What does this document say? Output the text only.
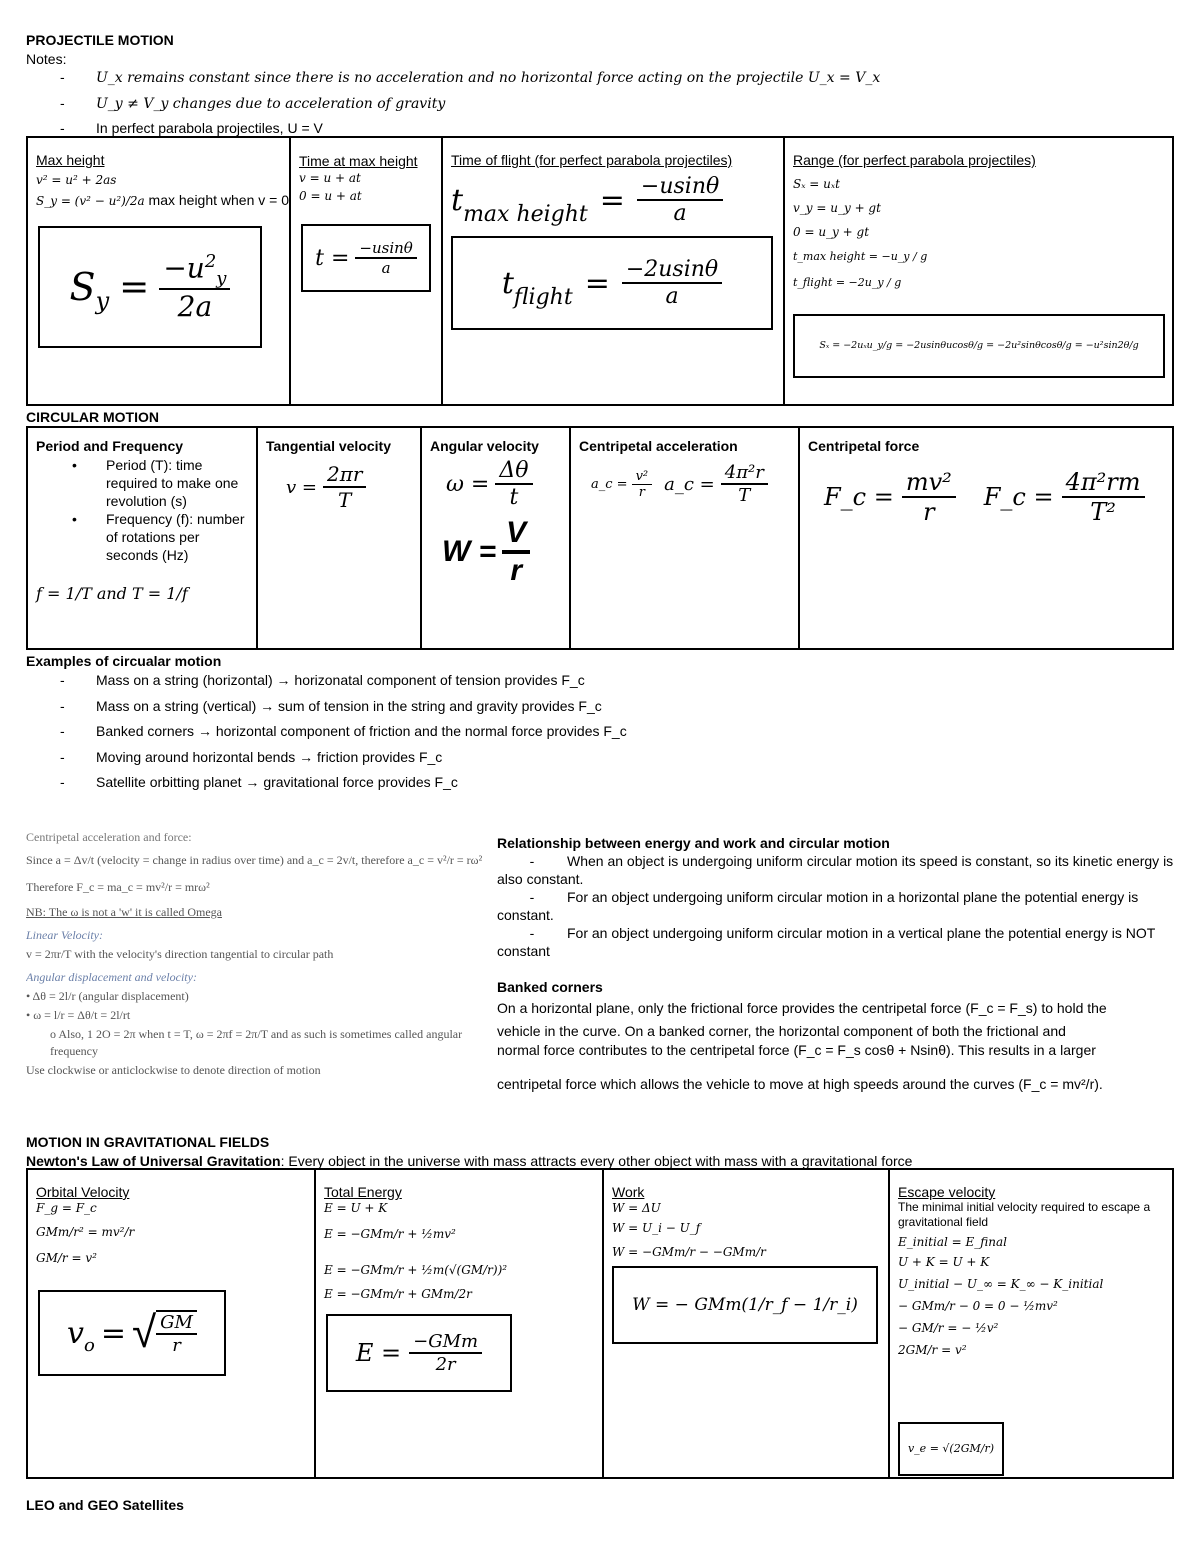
PROJECTILE MOTION
Notes:
- U_x remains constant since there is no acceleration and no horizontal force acting on the projectile U_x = V_x
- U_y ≠ V_y changes due to acceleration of gravity
- In perfect parabola projectiles, U = V
Max height
v² = u² + 2as
S_y = (v² − u²)/2a max height when v = 0
$S_y = \frac{-u^2_y}{2a}$
Time at max height
v = u + at
0 = u + at
$t = \frac{-usin\theta}{a}$
Time of flight (for perfect parabola projectiles)
t max height = $\frac{-usin\theta}{a}$
t flight = $\frac{-2usin\theta}{a}$
Range (for perfect parabola projectiles)
Sₓ = uₓt
v_y = u_y + gt
0 = u_y + gt
t_max height = −u_y / g
t_flight = −2u_y / g
Sₓ = −2uₓu_y/g = −2usinθucosθ/g = −2u²sinθcosθ/g = −u²sin2θ/g
CIRCULAR MOTION
Period and Frequency
• Period (T): time required to make one revolution (s)
• Frequency (f): number of rotations per seconds (Hz)
f = 1/T and T = 1/f
Tangential velocity
$v = \frac{2\pi r}{T}$
Angular velocity
$\omega = \frac{\Delta\theta}{t}$
$W = \frac{V}{r}$
Centripetal acceleration
a_c = $\frac{\text{v²}}{r}$ a_c = $\frac{\text{4π²r}}{T}$
Centripetal force
F_c = $\frac{\text{mv²}}{r}$ F_c = $\frac{\text{4π²rm}}{\text{T²}}$
Examples of circualar motion
- Mass on a string (horizontal) → horizonatal component of tension provides F_c
- Mass on a string (vertical) → sum of tension in the string and gravity provides F_c
- Banked corners → horizontal component of friction and the normal force provides F_c
- Moving around horizontal bends → friction provides F_c
- Satellite orbitting planet → gravitational force provides F_c
Centripetal acceleration and force:
Since a = Δv/t (velocity = change in radius over time) and a_c = 2v/t, therefore a_c = v²/r = rω²
Therefore F_c = ma_c = mv²/r = mrω²
NB: The ω is not a 'w' it is called Omega
Linear Velocity:
v = 2πr/T with the velocity's direction tangential to circular path
Angular displacement and velocity:
• Δθ = 2l/r (angular displacement)
• ω = l/r = Δθ/t = 2l/rt
o Also, 1 2O = 2π when t = T, ω = 2πf = 2π/T and as such is sometimes called angular frequency
Use clockwise or anticlockwise to denote direction of motion
Relationship between energy and work and circular motion
- When an object is undergoing uniform circular motion its speed is constant, so its kinetic energy is also constant.
- For an object undergoing uniform circular motion in a horizontal plane the potential energy is constant.
- For an object undergoing uniform circular motion in a vertical plane the potential energy is NOT constant
Banked corners
On a horizontal plane, only the frictional force provides the centripetal force (F_c = F_s) to hold the
vehicle in the curve. On a banked corner, the horizontal component of both the frictional and
normal force contributes to the centripetal force (F_c = F_s cosθ + Nsinθ). This results in a larger
centripetal force which allows the vehicle to move at high speeds around the curves (F_c = mv²/r).
MOTION IN GRAVITATIONAL FIELDS
Newton's Law of Universal Gravitation: Every object in the universe with mass attracts every other object with mass with a gravitational force
Orbital Velocity
F_g = F_c
GMm/r² = mv²/r
GM/r = v²
v o = √ $\frac{GM}{r}$
Total Energy
E = U + K
E = −GMm/r + ½mv²
E = −GMm/r + ½m(√(GM/r))²
E = −GMm/r + GMm/2r
$E = \frac{\text{−GMm}}{2r}$
Work
W = ΔU
W = U_i − U_f
W = −GMm/r − −GMm/r
W = − GMm(1/r_f − 1/r_i)
Escape velocity
The minimal initial velocity required to escape a gravitational field
E_initial = E_final
U + K = U + K
U_initial − U_∞ = K_∞ − K_initial
− GMm/r − 0 = 0 − ½mv²
− GM/r = − ½v²
2GM/r = v²
v_e = √(2GM/r)
LEO and GEO Satellites
